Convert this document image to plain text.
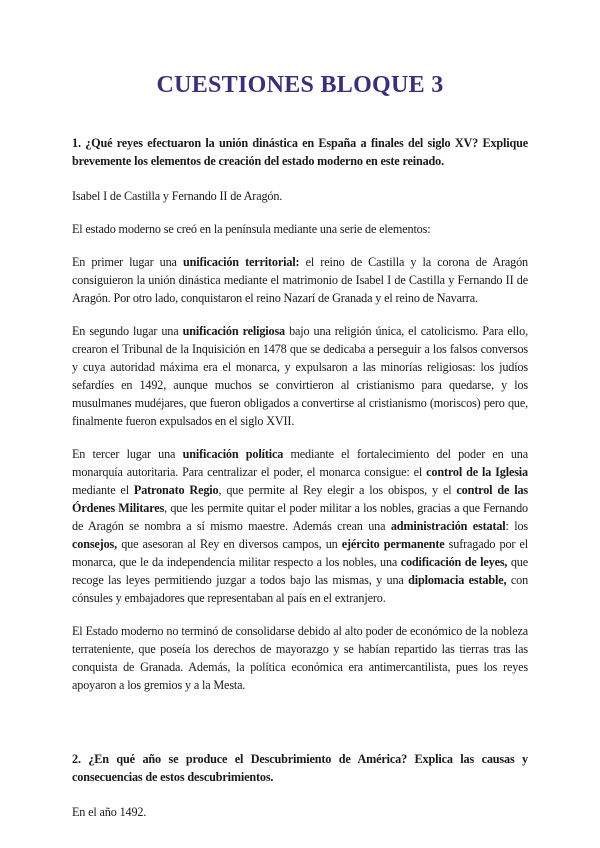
CUESTIONES BLOQUE 3

1. ¿Qué reyes efectuaron la unión dinástica en España a finales del siglo XV? Explique brevemente los elementos de creación del estado moderno en este reinado.

Isabel I de Castilla y Fernando II de Aragón.

El estado moderno se creó en la península mediante una serie de elementos:

En primer lugar una unificación territorial: el reino de Castilla y la corona de Aragón consiguieron la unión dinástica mediante el matrimonio de Isabel I de Castilla y Fernando II de Aragón. Por otro lado, conquistaron el reino Nazarí de Granada y el reino de Navarra.

En segundo lugar una unificación religiosa bajo una religión única, el catolicismo. Para ello, crearon el Tribunal de la Inquisición en 1478 que se dedicaba a perseguir a los falsos conversos y cuya autoridad máxima era el monarca, y expulsaron a las minorías religiosas: los judíos sefardíes en 1492, aunque muchos se convirtieron al cristianismo para quedarse, y los musulmanes mudéjares, que fueron obligados a convertirse al cristianismo (moriscos) pero que, finalmente fueron expulsados en el siglo XVII.

En tercer lugar una unificación política mediante el fortalecimiento del poder en una monarquía autoritaria. Para centralizar el poder, el monarca consigue: el control de la Iglesia mediante el Patronato Regio, que permite al Rey elegir a los obispos, y el control de las Órdenes Militares, que les permite quitar el poder militar a los nobles, gracias a que Fernando de Aragón se nombra a sí mismo maestre. Además crean una administración estatal: los consejos, que asesoran al Rey en diversos campos, un ejército permanente sufragado por el monarca, que le da independencia militar respecto a los nobles, una codificación de leyes, que recoge las leyes permitiendo juzgar a todos bajo las mismas, y una diplomacia estable, con cónsules y embajadores que representaban al país en el extranjero.

El Estado moderno no terminó de consolidarse debido al alto poder de económico de la nobleza terrateniente, que poseía los derechos de mayorazgo y se habían repartido las tierras tras las conquista de Granada. Además, la política económica era antimercantilista, pues los reyes apoyaron a los gremios y a la Mesta.

2. ¿En qué año se produce el Descubrimiento de América? Explica las causas y consecuencias de estos descubrimientos.

En el año 1492.
